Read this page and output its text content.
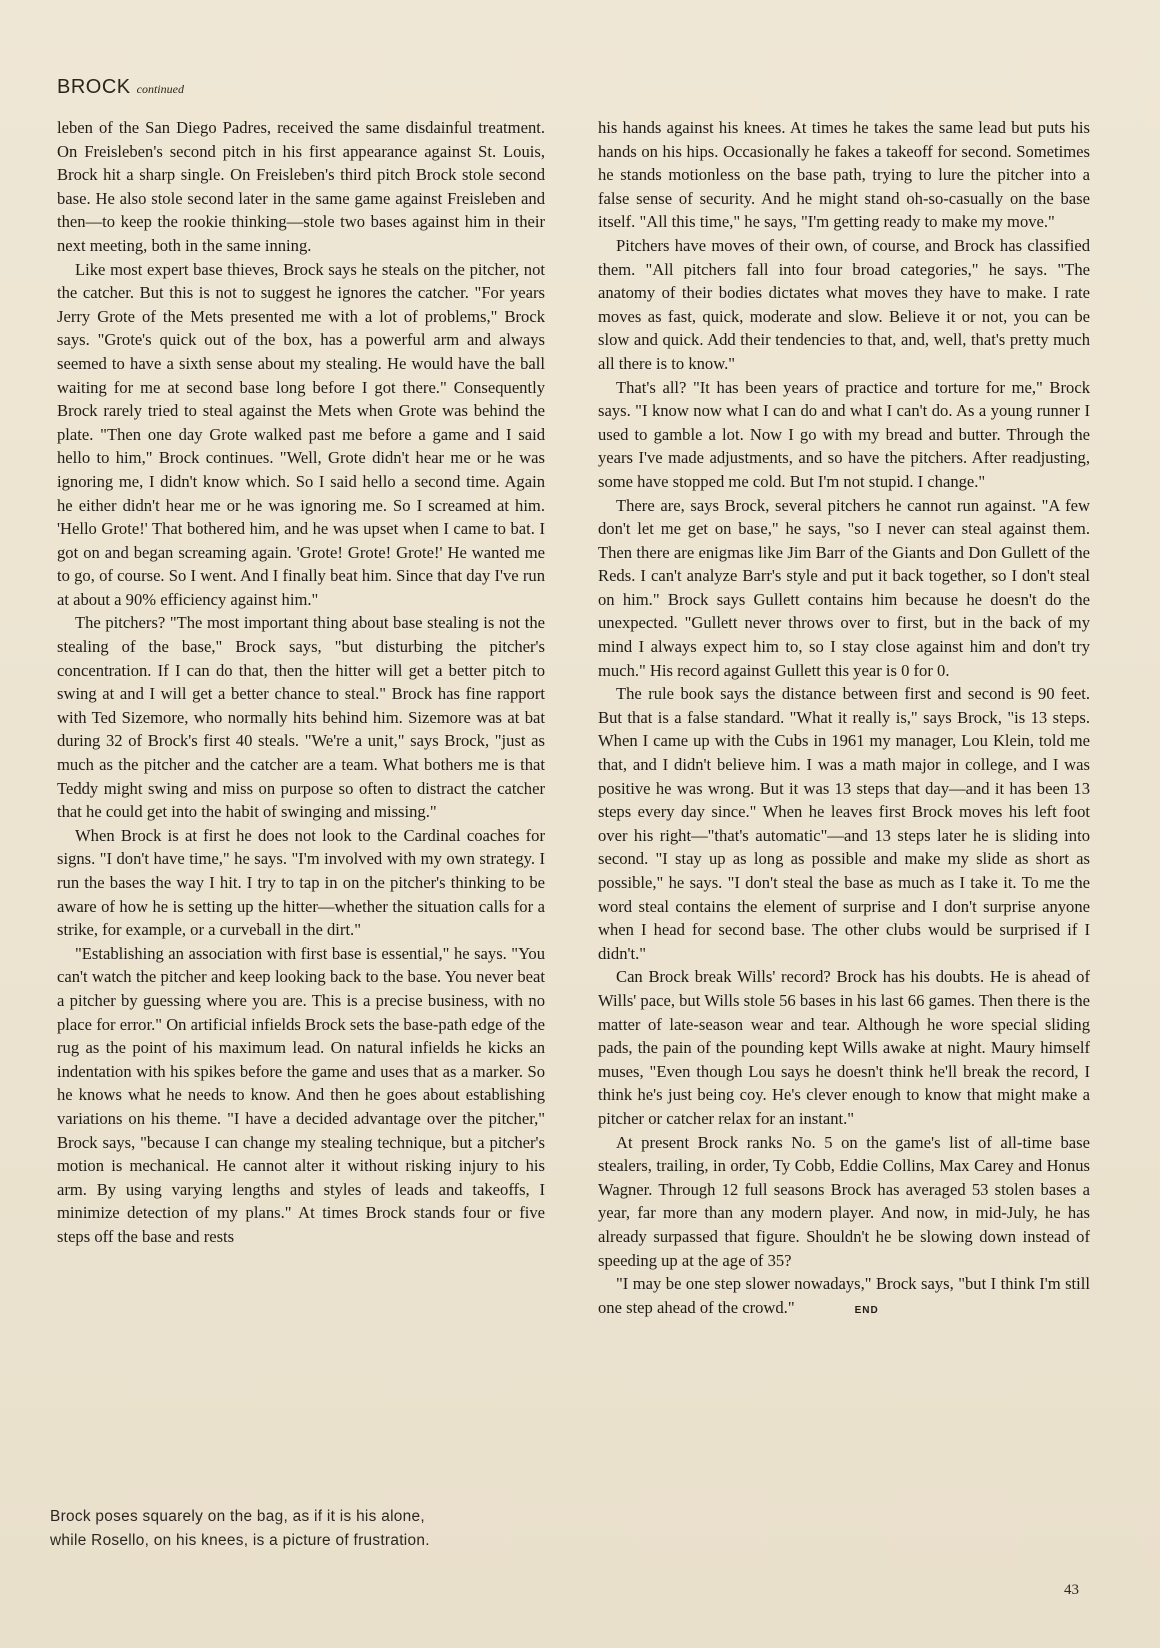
BROCK continued

leben of the San Diego Padres, received the same disdainful treatment. On Freisleben's second pitch in his first appearance against St. Louis, Brock hit a sharp single. On Freisleben's third pitch Brock stole second base. He also stole second later in the same game against Freisleben and then—to keep the rookie thinking—stole two bases against him in their next meeting, both in the same inning.

Like most expert base thieves, Brock says he steals on the pitcher, not the catcher. But this is not to suggest he ignores the catcher. "For years Jerry Grote of the Mets presented me with a lot of problems," Brock says. "Grote's quick out of the box, has a powerful arm and always seemed to have a sixth sense about my stealing. He would have the ball waiting for me at second base long before I got there." Consequently Brock rarely tried to steal against the Mets when Grote was behind the plate. "Then one day Grote walked past me before a game and I said hello to him," Brock continues. "Well, Grote didn't hear me or he was ignoring me, I didn't know which. So I said hello a second time. Again he either didn't hear me or he was ignoring me. So I screamed at him. 'Hello Grote!' That bothered him, and he was upset when I came to bat. I got on and began screaming again. 'Grote! Grote! Grote!' He wanted me to go, of course. So I went. And I finally beat him. Since that day I've run at about a 90% efficiency against him."

The pitchers? "The most important thing about base stealing is not the stealing of the base," Brock says, "but disturbing the pitcher's concentration. If I can do that, then the hitter will get a better pitch to swing at and I will get a better chance to steal." Brock has fine rapport with Ted Sizemore, who normally hits behind him. Sizemore was at bat during 32 of Brock's first 40 steals. "We're a unit," says Brock, "just as much as the pitcher and the catcher are a team. What bothers me is that Teddy might swing and miss on purpose so often to distract the catcher that he could get into the habit of swinging and missing."

When Brock is at first he does not look to the Cardinal coaches for signs. "I don't have time," he says. "I'm involved with my own strategy. I run the bases the way I hit. I try to tap in on the pitcher's thinking to be aware of how he is setting up the hitter—whether the situation calls for a strike, for example, or a curveball in the dirt."

"Establishing an association with first base is essential," he says. "You can't watch the pitcher and keep looking back to the base. You never beat a pitcher by guessing where you are. This is a precise business, with no place for error." On artificial infields Brock sets the base-path edge of the rug as the point of his maximum lead. On natural infields he kicks an indentation with his spikes before the game and uses that as a marker. So he knows what he needs to know. And then he goes about establishing variations on his theme. "I have a decided advantage over the pitcher," Brock says, "because I can change my stealing technique, but a pitcher's motion is mechanical. He cannot alter it without risking injury to his arm. By using varying lengths and styles of leads and takeoffs, I minimize detection of my plans." At times Brock stands four or five steps off the base and rests

his hands against his knees. At times he takes the same lead but puts his hands on his hips. Occasionally he fakes a takeoff for second. Sometimes he stands motionless on the base path, trying to lure the pitcher into a false sense of security. And he might stand oh-so-casually on the base itself. "All this time," he says, "I'm getting ready to make my move."

Pitchers have moves of their own, of course, and Brock has classified them. "All pitchers fall into four broad categories," he says. "The anatomy of their bodies dictates what moves they have to make. I rate moves as fast, quick, moderate and slow. Believe it or not, you can be slow and quick. Add their tendencies to that, and, well, that's pretty much all there is to know."

That's all? "It has been years of practice and torture for me," Brock says. "I know now what I can do and what I can't do. As a young runner I used to gamble a lot. Now I go with my bread and butter. Through the years I've made adjustments, and so have the pitchers. After readjusting, some have stopped me cold. But I'm not stupid. I change."

There are, says Brock, several pitchers he cannot run against. "A few don't let me get on base," he says, "so I never can steal against them. Then there are enigmas like Jim Barr of the Giants and Don Gullett of the Reds. I can't analyze Barr's style and put it back together, so I don't steal on him." Brock says Gullett contains him because he doesn't do the unexpected. "Gullett never throws over to first, but in the back of my mind I always expect him to, so I stay close against him and don't try much." His record against Gullett this year is 0 for 0.

The rule book says the distance between first and second is 90 feet. But that is a false standard. "What it really is," says Brock, "is 13 steps. When I came up with the Cubs in 1961 my manager, Lou Klein, told me that, and I didn't believe him. I was a math major in college, and I was positive he was wrong. But it was 13 steps that day—and it has been 13 steps every day since." When he leaves first Brock moves his left foot over his right—"that's automatic"—and 13 steps later he is sliding into second. "I stay up as long as possible and make my slide as short as possible," he says. "I don't steal the base as much as I take it. To me the word steal contains the element of surprise and I don't surprise anyone when I head for second base. The other clubs would be surprised if I didn't."

Can Brock break Wills' record? Brock has his doubts. He is ahead of Wills' pace, but Wills stole 56 bases in his last 66 games. Then there is the matter of late-season wear and tear. Although he wore special sliding pads, the pain of the pounding kept Wills awake at night. Maury himself muses, "Even though Lou says he doesn't think he'll break the record, I think he's just being coy. He's clever enough to know that might make a pitcher or catcher relax for an instant."

At present Brock ranks No. 5 on the game's list of all-time base stealers, trailing, in order, Ty Cobb, Eddie Collins, Max Carey and Honus Wagner. Through 12 full seasons Brock has averaged 53 stolen bases a year, far more than any modern player. And now, in mid-July, he has already surpassed that figure. Shouldn't he be slowing down instead of speeding up at the age of 35?

"I may be one step slower nowadays," Brock says, "but I think I'm still one step ahead of the crowd."	END

Brock poses squarely on the bag, as if it is his alone,

while Rosello, on his knees, is a picture of frustration.

43
